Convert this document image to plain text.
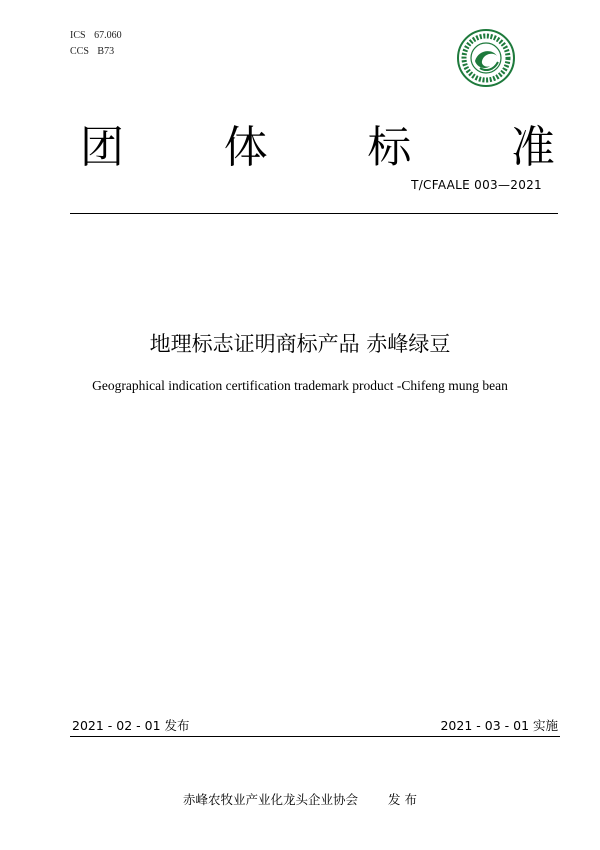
ICS 67.060
CCS B73
团 体 标 准
T/CFAALE 003—2021
地理标志证明商标产品 赤峰绿豆
Geographical indication certification trademark product -Chifeng mung bean
2021 - 02 - 01 发布	2021 - 03 - 01 实施
赤峰农牧业产业化龙头企业协会 发 布
